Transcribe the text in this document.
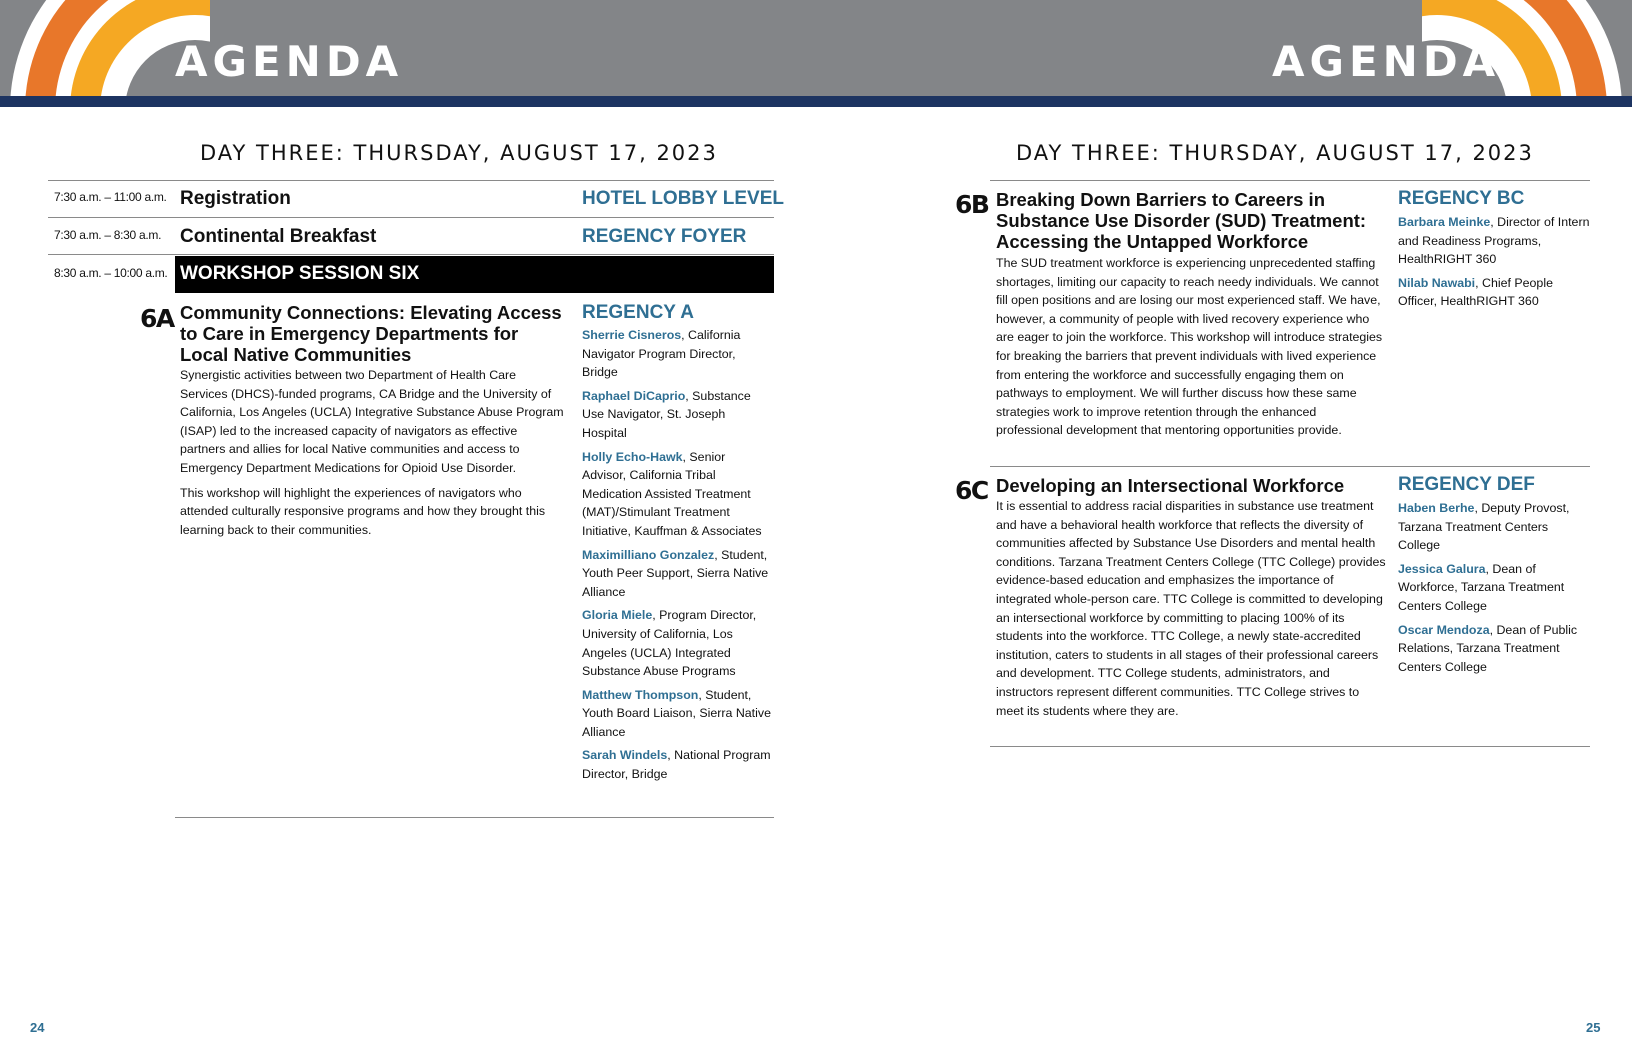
AGENDA	AGENDA
DAY THREE: THURSDAY, AUGUST 17, 2023
7:30 a.m. – 11:00 a.m. Registration	HOTEL LOBBY LEVEL
7:30 a.m. – 8:30 a.m. Continental Breakfast	REGENCY FOYER
8:30 a.m. – 10:00 a.m. WORKSHOP SESSION SIX
6A Community Connections: Elevating Access to Care in Emergency Departments for Local Native Communities
REGENCY A

Synergistic activities between two Department of Health Care Services (DHCS)-funded programs, CA Bridge and the University of California, Los Angeles (UCLA) Integrative Substance Abuse Program (ISAP) led to the increased capacity of navigators as effective partners and allies for local Native communities and access to Emergency Department Medications for Opioid Use Disorder.

This workshop will highlight the experiences of navigators who attended culturally responsive programs and how they brought this learning back to their communities.

Sherrie Cisneros, California Navigator Program Director, Bridge
Raphael DiCaprio, Substance Use Navigator, St. Joseph Hospital
Holly Echo-Hawk, Senior Advisor, California Tribal Medication Assisted Treatment (MAT)/Stimulant Treatment Initiative, Kauffman & Associates
Maximilliano Gonzalez, Student, Youth Peer Support, Sierra Native Alliance
Gloria Miele, Program Director, University of California, Los Angeles (UCLA) Integrated Substance Abuse Programs
Matthew Thompson, Student, Youth Board Liaison, Sierra Native Alliance
Sarah Windels, National Program Director, Bridge
24
DAY THREE: THURSDAY, AUGUST 17, 2023
6B Breaking Down Barriers to Careers in Substance Use Disorder (SUD) Treatment: Accessing the Untapped Workforce
REGENCY BC

The SUD treatment workforce is experiencing unprecedented staffing shortages, limiting our capacity to reach needy individuals. We cannot fill open positions and are losing our most experienced staff. We have, however, a community of people with lived recovery experience who are eager to join the workforce. This workshop will introduce strategies for breaking the barriers that prevent individuals with lived experience from entering the workforce and successfully engaging them on pathways to employment. We will further discuss how these same strategies work to improve retention through the enhanced professional development that mentoring opportunities provide.

Barbara Meinke, Director of Intern and Readiness Programs, HealthRIGHT 360
Nilab Nawabi, Chief People Officer, HealthRIGHT 360
6C Developing an Intersectional Workforce	REGENCY DEF

It is essential to address racial disparities in substance use treatment and have a behavioral health workforce that reflects the diversity of communities affected by Substance Use Disorders and mental health conditions. Tarzana Treatment Centers College (TTC College) provides evidence-based education and emphasizes the importance of integrated whole-person care. TTC College is committed to developing an intersectional workforce by committing to placing 100% of its students into the workforce. TTC College, a newly state-accredited institution, caters to students in all stages of their professional careers and development. TTC College students, administrators, and instructors represent different communities. TTC College strives to meet its students where they are.

Haben Berhe, Deputy Provost, Tarzana Treatment Centers College
Jessica Galura, Dean of Workforce, Tarzana Treatment Centers College
Oscar Mendoza, Dean of Public Relations, Tarzana Treatment Centers College
25
